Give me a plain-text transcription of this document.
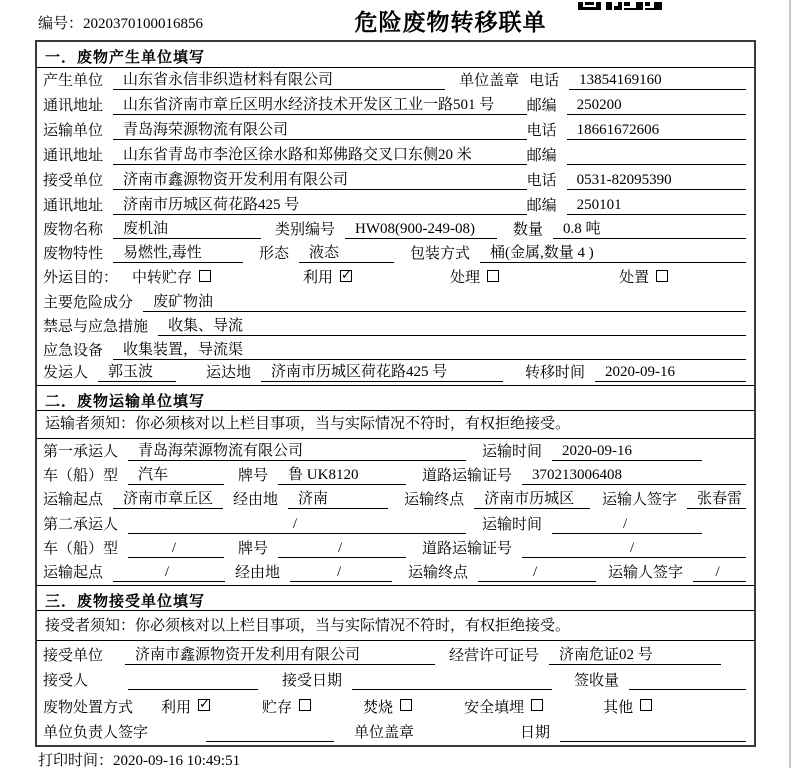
编号：2020370100016856	危险废物转移联单
一．废物产生单位填写
产生单位	山东省永信非织造材料有限公司	单位盖章 电话	13854169160
通讯地址	山东省济南市章丘区明水经济技术开发区工业一路501 号	邮编	250200
运输单位	青岛海荣源物流有限公司	电话	18661672606
通讯地址	山东省青岛市李沧区徐水路和郑佛路交叉口东侧20 米	邮编
接受单位	济南市鑫源物资开发利用有限公司	电话	0531-82095390
通讯地址	济南市历城区荷花路425 号	邮编	250101
废物名称	废机油	类别编号	HW08(900-249-08)	数量	0.8 吨
废物特性	易燃性,毒性	形态	液态	包装方式	桶(金属,数量 4 )
外运目的： 中转贮存	利用 ✓	处理	处置
主要危险成分	废矿物油
禁忌与应急措施	收集、导流
应急设备	收集装置，导流渠
发运人	郭玉波	运达地	济南市历城区荷花路425 号	转移时间	2020-09-16
二．废物运输单位填写
运输者须知： 你必须核对以上栏目事项，当与实际情况不符时，有权拒绝接受。
第一承运人	青岛海荣源物流有限公司	运输时间	2020-09-16
车（船）型	汽车	牌号	鲁 UK8120	道路运输证号	370213006408
运输起点	济南市章丘区	经由地	济南	运输终点	济南市历城区	运输人签字	张春雷
第二承运人	/	运输时间	/
车（船）型	/	牌号	/	道路运输证号	/
运输起点	/	经由地	/	运输终点	/	运输人签字	/
三．废物接受单位填写
接受者须知： 你必须核对以上栏目事项，当与实际情况不符时，有权拒绝接受。
接受单位	济南市鑫源物资开发利用有限公司	经营许可证号	济南危证02 号
接受人	接受日期	签收量
废物处置方式 利用 ✓	贮存	焚烧	安全填埋	其他
单位负责人签字	单位盖章	日期
打印时间：2020-09-16 10:49:51
